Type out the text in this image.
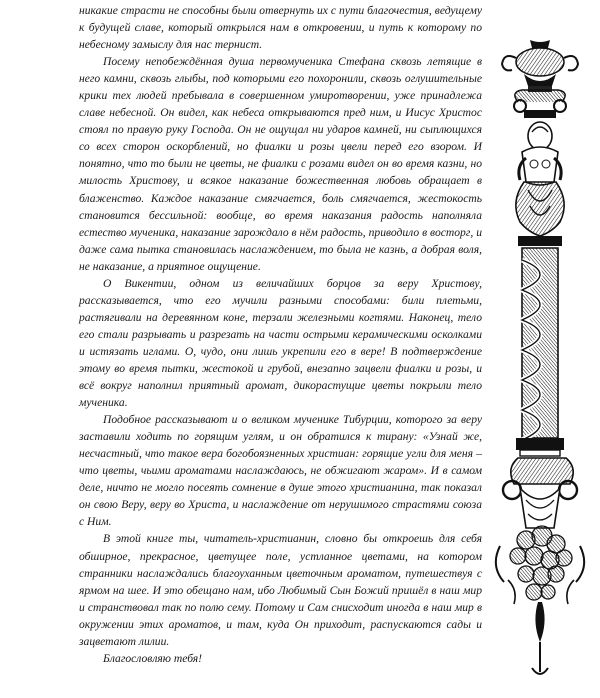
никакие страсти не способны были отвернуть их с пути благочестия, ведущему к будущей славе, который открылся нам в откровении, и путь к которому по небесному замыслу для нас тернист.

Посему непобеждённая душа первомученика Стефана сквозь летящие в него камни, сквозь глыбы, под которыми его похоронили, сквозь оглушительные крики тех людей пребывала в совершенном умиротворении, уже принадлежа славе небесной. Он видел, как небеса открываются пред ним, и Иисус Христос стоял по правую руку Господа. Он не ощущал ни ударов камней, ни сыплющихся со всех сторон оскорблений, но фиалки и розы цвели перед его взором. И понятно, что то были не цветы, не фиалки с розами видел он во время казни, но милость Христову, и всякое наказание божественная любовь обращает в блаженство. Каждое наказание смягчается, боль смягчается, жестокость становится бессильной: вообще, во время наказания радость наполняла естество мученика, наказание зарождало в нём радость, приводило в восторг, и даже сама пытка становилась наслаждением, то была не казнь, а добрая воля, не наказание, а приятное ощущение.

О Викентии, одном из величайших борцов за веру Христову, рассказывается, что его мучили разными способами: били плетьми, растягивали на деревянном коне, терзали железными когтями. Наконец, тело его стали разрывать и разрезать на части острыми керамическими осколками и истязать иглами. О, чудо, они лишь укрепили его в вере! В подтверждение этому во время пытки, жестокой и грубой, внезапно зацвели фиалки и розы, и всё вокруг наполнил приятный аромат, дикорастущие цветы покрыли тело мученика.

Подобное рассказывают и о великом мученике Тибурции, которого за веру заставили ходить по горящим углям, и он обратился к тирану: «Узнай же, несчастный, что такое вера богобоязненных христиан: горящие угли для меня – что цветы, чьими ароматами наслаждаюсь, не обжигают жаром». И в самом деле, ничто не могло посеять сомнение в душе этого христианина, так показал он свою Веру, веру во Христа, и наслаждение от нерушимого страстями союза с Ним.

В этой книге ты, читатель-христианин, словно бы откроешь для себя обширное, прекрасное, цветущее поле, устланное цветами, на котором странники наслаждались благоуханным цветочным ароматом, путешествуя с ярмом на шее. И это обещано нам, ибо Любимый Сын Божий пришёл в наш мир и странствовал так по полю сему. Потому и Сам снисходит иногда в наш мир в окружении этих ароматов, и там, куда Он приходит, распускаются сады и зацветают лилии.

Благословляю тебя!
